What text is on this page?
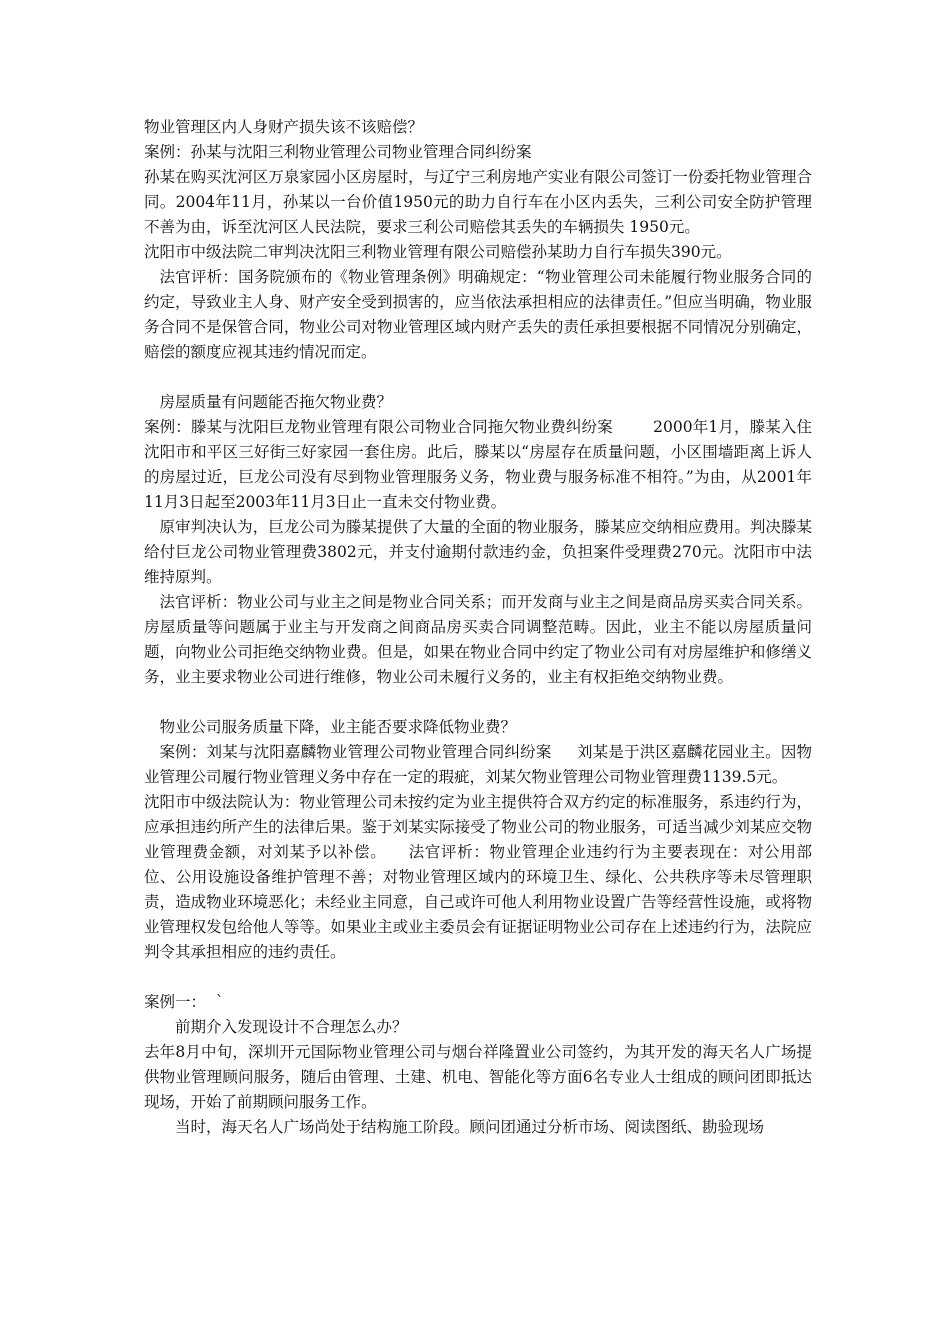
物业管理区内人身财产损失该不该赔偿？

案例：孙某与沈阳三利物业管理公司物业管理合同纠纷案

孙某在购买沈河区万泉家园小区房屋时，与辽宁三利房地产实业有限公司签订一份委托物业管理合同。2004年11月，孙某以一台价值1950元的助力自行车在小区内丢失，三利公司安全防护管理不善为由，诉至沈河区人民法院，要求三利公司赔偿其丢失的车辆损失 1950元。

沈阳市中级法院二审判决沈阳三利物业管理有限公司赔偿孙某助力自行车损失390元。

法官评析：国务院颁布的《物业管理条例》明确规定：“物业管理公司未能履行物业服务合同的约定，导致业主人身、财产安全受到损害的，应当依法承担相应的法律责任。”但应当明确，物业服务合同不是保管合同，物业公司对物业管理区域内财产丢失的责任承担要根据不同情况分别确定，赔偿的额度应视其违约情况而定。

房屋质量有问题能否拖欠物业费？

案例：滕某与沈阳巨龙物业管理有限公司物业合同拖欠物业费纠纷案        2000年1月，滕某入住沈阳市和平区三好街三好家园一套住房。此后，滕某以“房屋存在质量问题，小区围墙距离上诉人的房屋过近，巨龙公司没有尽到物业管理服务义务，物业费与服务标准不相符。”为由，从2001年11月3日起至2003年11月3日止一直未交付物业费。

原审判决认为，巨龙公司为滕某提供了大量的全面的物业服务，滕某应交纳相应费用。判决滕某给付巨龙公司物业管理费3802元，并支付逾期付款违约金，负担案件受理费270元。沈阳市中法维持原判。

法官评析：物业公司与业主之间是物业合同关系；而开发商与业主之间是商品房买卖合同关系。房屋质量等问题属于业主与开发商之间商品房买卖合同调整范畴。因此，业主不能以房屋质量问题，向物业公司拒绝交纳物业费。但是，如果在物业合同中约定了物业公司有对房屋维护和修缮义务，业主要求物业公司进行维修，物业公司未履行义务的，业主有权拒绝交纳物业费。

物业公司服务质量下降，业主能否要求降低物业费？

案例：刘某与沈阳嘉麟物业管理公司物业管理合同纠纷案     刘某是于洪区嘉麟花园业主。因物业管理公司履行物业管理义务中存在一定的瑕疵，刘某欠物业管理公司物业管理费1139.5元。

沈阳市中级法院认为：物业管理公司未按约定为业主提供符合双方约定的标准服务，系违约行为，应承担违约所产生的法律后果。鉴于刘某实际接受了物业公司的物业服务，可适当减少刘某应交物业管理费金额，对刘某予以补偿。    法官评析：物业管理企业违约行为主要表现在：对公用部位、公用设施设备维护管理不善；对物业管理区域内的环境卫生、绿化、公共秩序等未尽管理职责，造成物业环境恶化；未经业主同意，自己或许可他人利用物业设置广告等经营性设施，或将物业管理权发包给他人等等。如果业主或业主委员会有证据证明物业公司存在上述违约行为，法院应判令其承担相应的违约责任。

案例一：  `

前期介入发现设计不合理怎么办？

去年8月中旬，深圳开元国际物业管理公司与烟台祥隆置业公司签约，为其开发的海天名人广场提供物业管理顾问服务，随后由管理、土建、机电、智能化等方面6名专业人士组成的顾问团即抵达现场，开始了前期顾问服务工作。

当时，海天名人广场尚处于结构施工阶段。顾问团通过分析市场、阅读图纸、勘验现场
